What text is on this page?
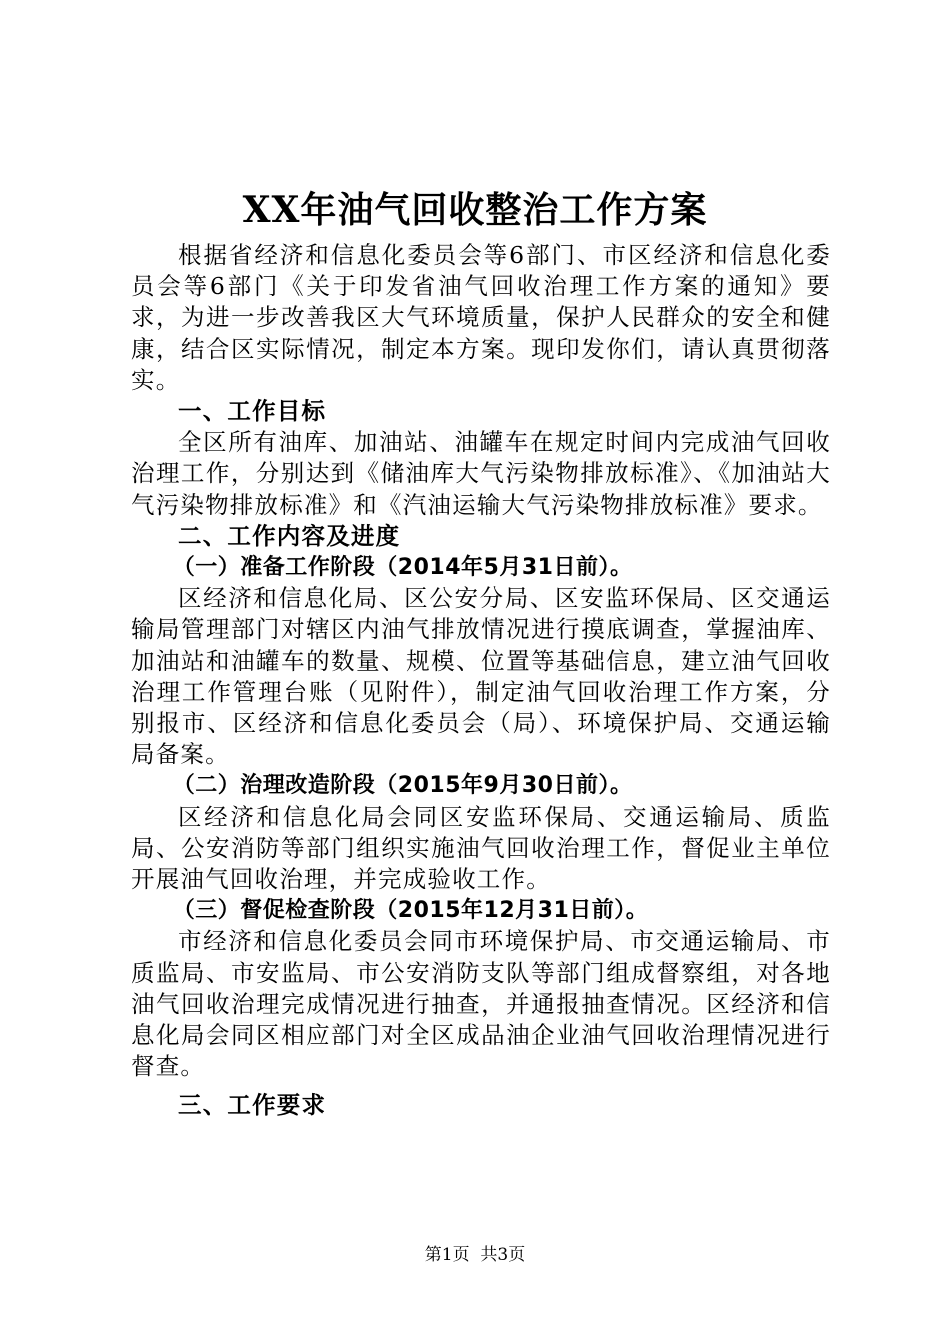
XX年油气回收整治工作方案

根据省经济和信息化委员会等6部门、市区经济和信息化委员会等6部门《关于印发省油气回收治理工作方案的通知》要求，为进一步改善我区大气环境质量，保护人民群众的安全和健康，结合区实际情况，制定本方案。现印发你们，请认真贯彻落实。

一、工作目标

全区所有油库、加油站、油罐车在规定时间内完成油气回收治理工作，分别达到《储油库大气污染物排放标准》、《加油站大气污染物排放标准》和《汽油运输大气污染物排放标准》要求。

二、工作内容及进度

（一）准备工作阶段（2014年5月31日前）。

区经济和信息化局、区公安分局、区安监环保局、区交通运输局管理部门对辖区内油气排放情况进行摸底调查，掌握油库、加油站和油罐车的数量、规模、位置等基础信息，建立油气回收治理工作管理台账（见附件），制定油气回收治理工作方案，分别报市、区经济和信息化委员会（局）、环境保护局、交通运输局备案。

（二）治理改造阶段（2015年9月30日前）。

区经济和信息化局会同区安监环保局、交通运输局、质监局、公安消防等部门组织实施油气回收治理工作，督促业主单位开展油气回收治理，并完成验收工作。

（三）督促检查阶段（2015年12月31日前）。

市经济和信息化委员会同市环境保护局、市交通运输局、市质监局、市安监局、市公安消防支队等部门组成督察组，对各地油气回收治理完成情况进行抽查，并通报抽查情况。区经济和信息化局会同区相应部门对全区成品油企业油气回收治理情况进行督查。

三、工作要求

第1页  共3页
